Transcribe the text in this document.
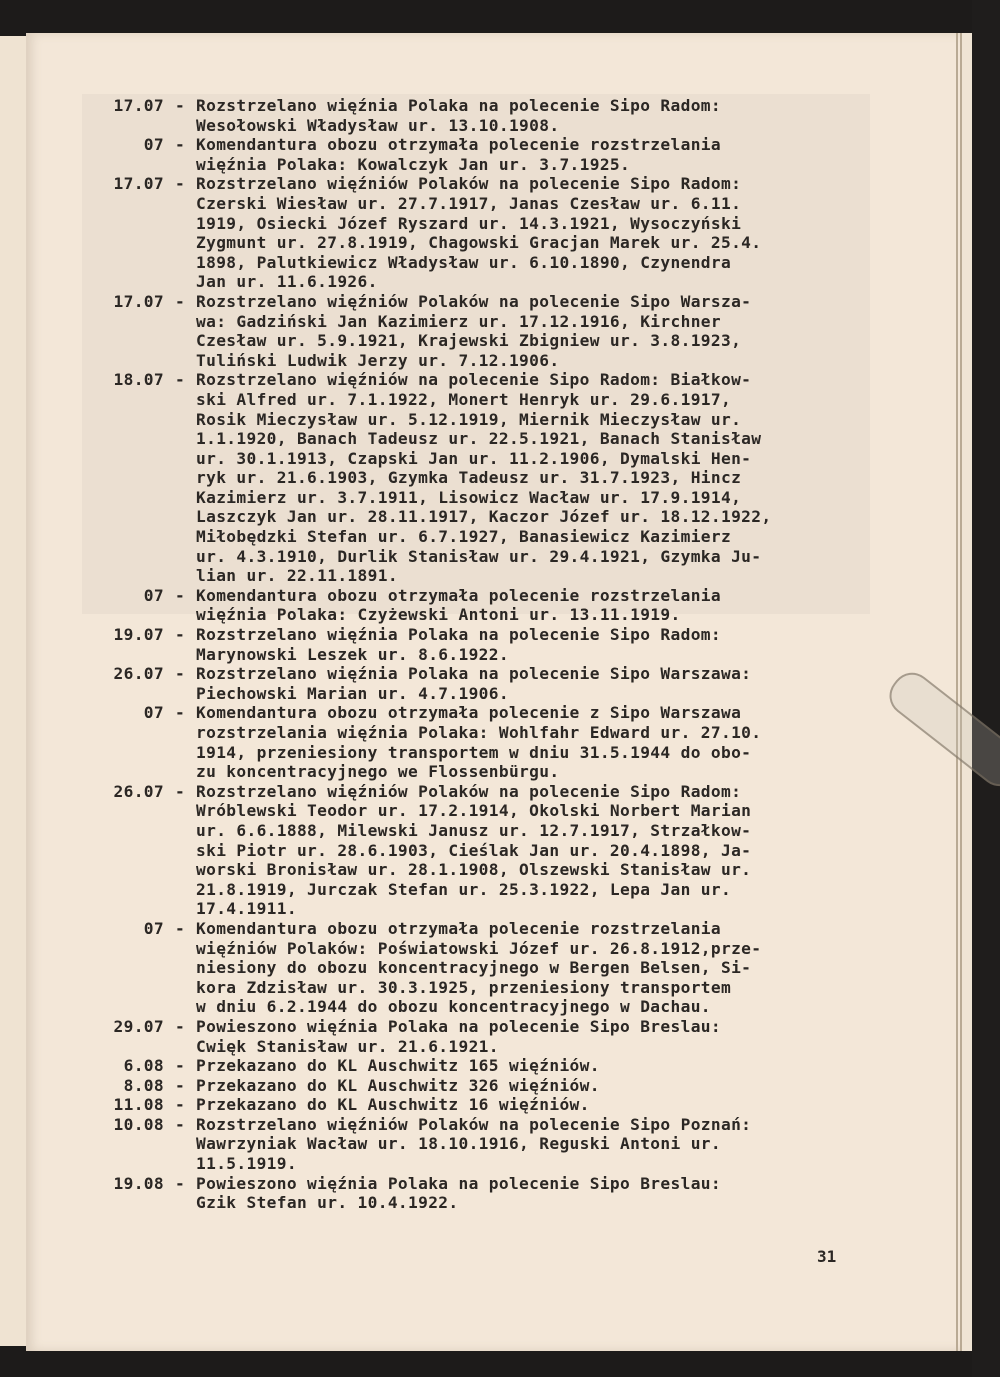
17.07 - Rozstrzelano więźnia Polaka na polecenie Sipo Radom:
Wesołowski Władysław ur. 13.10.1908.
07 - Komendantura obozu otrzymała polecenie rozstrzelania
więźnia Polaka: Kowalczyk Jan ur. 3.7.1925.
17.07 - Rozstrzelano więźniów Polaków na polecenie Sipo Radom:
Czerski Wiesław ur. 27.7.1917, Janas Czesław ur. 6.11.
1919, Osiecki Józef Ryszard ur. 14.3.1921, Wysoczyński
Zygmunt ur. 27.8.1919, Chagowski Gracjan Marek ur. 25.4.
1898, Palutkiewicz Władysław ur. 6.10.1890, Czynendra
Jan ur. 11.6.1926.
17.07 - Rozstrzelano więźniów Polaków na polecenie Sipo Warsza-
wa: Gadziński Jan Kazimierz ur. 17.12.1916, Kirchner
Czesław ur. 5.9.1921, Krajewski Zbigniew ur. 3.8.1923,
Tuliński Ludwik Jerzy ur. 7.12.1906.
18.07 - Rozstrzelano więźniów na polecenie Sipo Radom: Białkow-
ski Alfred ur. 7.1.1922, Monert Henryk ur. 29.6.1917,
Rosik Mieczysław ur. 5.12.1919, Miernik Mieczysław ur.
1.1.1920, Banach Tadeusz ur. 22.5.1921, Banach Stanisław
ur. 30.1.1913, Czapski Jan ur. 11.2.1906, Dymalski Hen-
ryk ur. 21.6.1903, Gzymka Tadeusz ur. 31.7.1923, Hincz
Kazimierz ur. 3.7.1911, Lisowicz Wacław ur. 17.9.1914,
Laszczyk Jan ur. 28.11.1917, Kaczor Józef ur. 18.12.1922,
Miłobędzki Stefan ur. 6.7.1927, Banasiewicz Kazimierz
ur. 4.3.1910, Durlik Stanisław ur. 29.4.1921, Gzymka Ju-
lian ur. 22.11.1891.
07 - Komendantura obozu otrzymała polecenie rozstrzelania
więźnia Polaka: Czyżewski Antoni ur. 13.11.1919.
19.07 - Rozstrzelano więźnia Polaka na polecenie Sipo Radom:
Marynowski Leszek ur. 8.6.1922.
26.07 - Rozstrzelano więźnia Polaka na polecenie Sipo Warszawa:
Piechowski Marian ur. 4.7.1906.
07 - Komendantura obozu otrzymała polecenie z Sipo Warszawa
rozstrzelania więźnia Polaka: Wohlfahr Edward ur. 27.10.
1914, przeniesiony transportem w dniu 31.5.1944 do obo-
zu koncentracyjnego we Flossenbürgu.
26.07 - Rozstrzelano więźniów Polaków na polecenie Sipo Radom:
Wróblewski Teodor ur. 17.2.1914, Okolski Norbert Marian
ur. 6.6.1888, Milewski Janusz ur. 12.7.1917, Strzałkow-
ski Piotr ur. 28.6.1903, Cieślak Jan ur. 20.4.1898, Ja-
worski Bronisław ur. 28.1.1908, Olszewski Stanisław ur.
21.8.1919, Jurczak Stefan ur. 25.3.1922, Lepa Jan ur.
17.4.1911.
07 - Komendantura obozu otrzymała polecenie rozstrzelania
więźniów Polaków: Poświatowski Józef ur. 26.8.1912,prze-
niesiony do obozu koncentracyjnego w Bergen Belsen, Si-
kora Zdzisław ur. 30.3.1925, przeniesiony transportem
w dniu 6.2.1944 do obozu koncentracyjnego w Dachau.
29.07 - Powieszono więźnia Polaka na polecenie Sipo Breslau:
Cwięk Stanisław ur. 21.6.1921.
6.08 - Przekazano do KL Auschwitz 165 więźniów.
8.08 - Przekazano do KL Auschwitz 326 więźniów.
11.08 - Przekazano do KL Auschwitz 16 więźniów.
10.08 - Rozstrzelano więźniów Polaków na polecenie Sipo Poznań:
Wawrzyniak Wacław ur. 18.10.1916, Reguski Antoni ur.
11.5.1919.
19.08 - Powieszono więźnia Polaka na polecenie Sipo Breslau:
Gzik Stefan ur. 10.4.1922.
31
